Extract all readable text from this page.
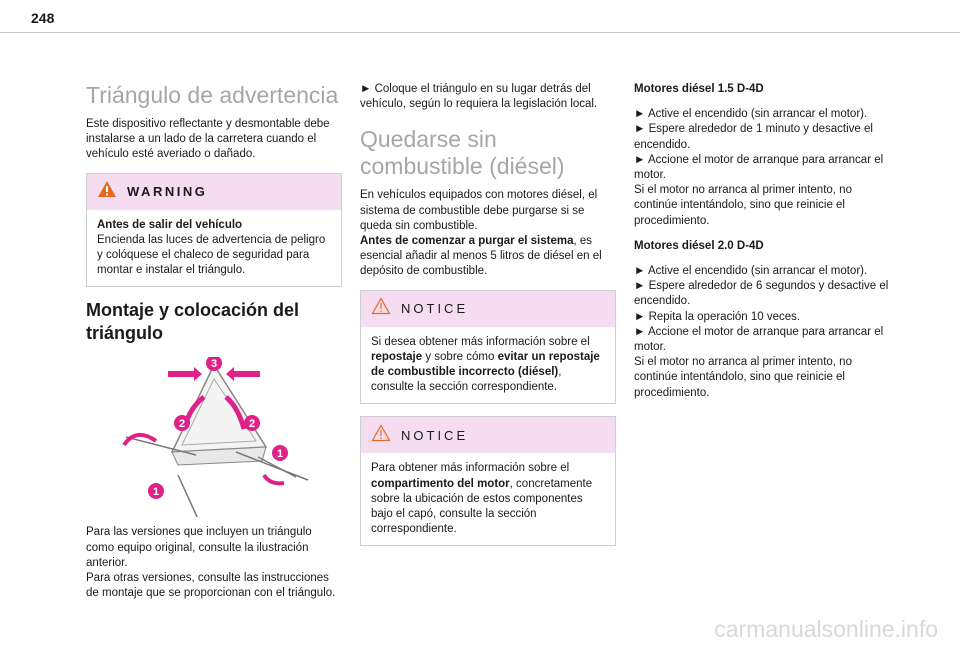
248
Triángulo de advertencia

Este dispositivo reflectante y desmontable debe instalarse a un lado de la carretera cuando el vehículo esté averiado o dañado.

WARNING
Antes de salir del vehículo
Encienda las luces de advertencia de peligro y colóquese el chaleco de seguridad para montar e instalar el triángulo.
Montaje y colocación del triángulo
3
2	2
1
1
Para las versiones que incluyen un triángulo como equipo original, consulte la ilustración anterior.
Para otras versiones, consulte las instrucciones de montaje que se proporcionan con el triángulo.

► Coloque el triángulo en su lugar detrás del vehículo, según lo requiera la legislación local.

Quedarse sin combustible (diésel)

En vehículos equipados con motores diésel, el sistema de combustible debe purgarse si se queda sin combustible.

Antes de comenzar a purgar el sistema, es esencial añadir al menos 5 litros de diésel en el depósito de combustible.

NOTICE
Si desea obtener más información sobre el repostaje y sobre cómo evitar un repostaje de combustible incorrecto (diésel), consulte la sección correspondiente.
NOTICE
Para obtener más información sobre el compartimento del motor, concretamente sobre la ubicación de estos componentes bajo el capó, consulte la sección correspondiente.
Motores diésel 1.5 D-4D

► Active el encendido (sin arrancar el motor).
► Espere alrededor de 1 minuto y desactive el encendido.
► Accione el motor de arranque para arrancar el motor.
Si el motor no arranca al primer intento, no continúe intentándolo, sino que reinicie el procedimiento.

Motores diésel 2.0 D-4D

► Active el encendido (sin arrancar el motor).
► Espere alrededor de 6 segundos y desactive el encendido.
► Repita la operación 10 veces.
► Accione el motor de arranque para arrancar el motor.
Si el motor no arranca al primer intento, no continúe intentándolo, sino que reinicie el procedimiento.

carmanualsonline.info
